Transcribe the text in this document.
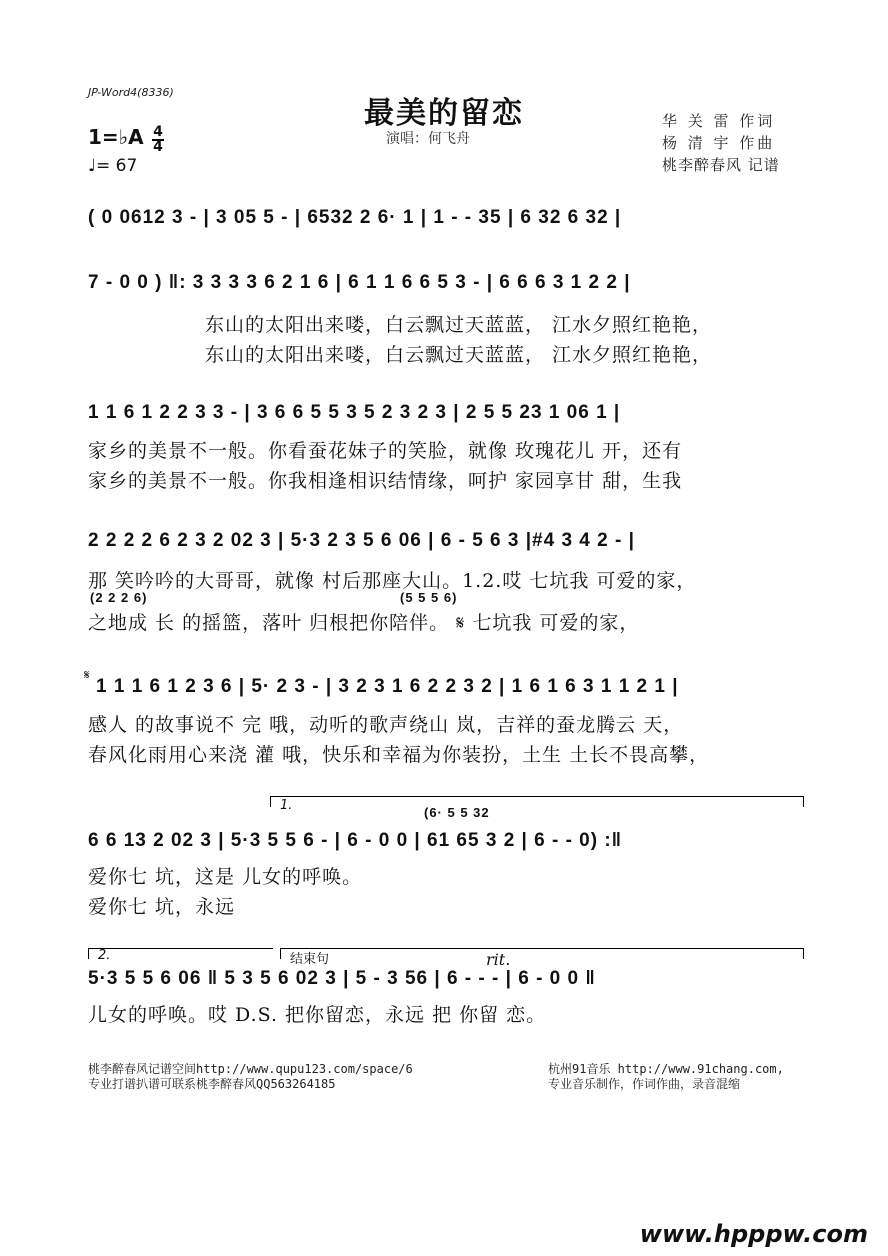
JP-Word4(8336)
最美的留恋
演唱：何飞舟
华 关 雷 作词
杨 清 宇 作曲
桃李醉春风 记谱
1=♭A 4
4
♩= 67
( 0 0612 3 - | 3 05 5 - | 6532 2 6· 1 | 1 - - 35 | 6 32 6 32 |
7 - 0 0 ) ‖: 3 3 3 3 6 2 1 6 | 6 1 1 6 6 5 3 - | 6 6 6 3 1 2 2 |
东山的太阳出来喽，白云飘过天蓝蓝， 江水夕照红艳艳，
东山的太阳出来喽，白云飘过天蓝蓝， 江水夕照红艳艳，
1 1 6 1 2 2 3 3 - | 3 6 6 5 5 3 5 2 3 2 3 | 2 5 5 23 1 06 1 |
家乡的美景不一般。你看蚕花妹子的笑脸，就像 玫瑰花儿 开，还有
家乡的美景不一般。你我相逢相识结情缘，呵护 家园享甘 甜，生我
2 2 2 2 6 2 3 2 02 3 | 5·3 2 3 5 6 06 | 6 - 5 6 3 |#4 3 4 2 - |
那 笑吟吟的大哥哥，就像 村后那座大山。1.2.哎 七坑我 可爱的家，
(2 2 2 6)	(5 5 5 6)
之地成 长 的摇篮，落叶 归根把你陪伴。 𝄋 七坑我 可爱的家，
𝄋
1 1 1 6 1 2 3 6 | 5· 2 3 - | 3 2 3 1 6 2 2 3 2 | 1 6 1 6 3 1 1 2 1 |
感人 的故事说不 完 哦，动听的歌声绕山 岚，吉祥的蚕龙腾云 天，
春风化雨用心来浇 灌 哦，快乐和幸福为你装扮，土生 土长不畏高攀，
1.	(6· 5 5 32
6 6 13 2 02 3 | 5·3 5 5 6 - | 6 - 0 0 | 61 65 3 2 | 6 - - 0) :‖
爱你七 坑，这是 儿女的呼唤。
爱你七 坑，永远
2.	结束句	rit.
5·3 5 5 6 06 ‖ 5 3 5 6 02 3 | 5 - 3 56 | 6 - - - | 6 - 0 0 ‖
儿女的呼唤。哎 D.S. 把你留恋，永远 把 你留 恋。
桃李醉春风记谱空间http://www.qupu123.com/space/6
专业打谱扒谱可联系桃李醉春风QQ563264185
杭州91音乐 http://www.91chang.com,
专业音乐制作，作词作曲，录音混缩
www.hpppw.com
